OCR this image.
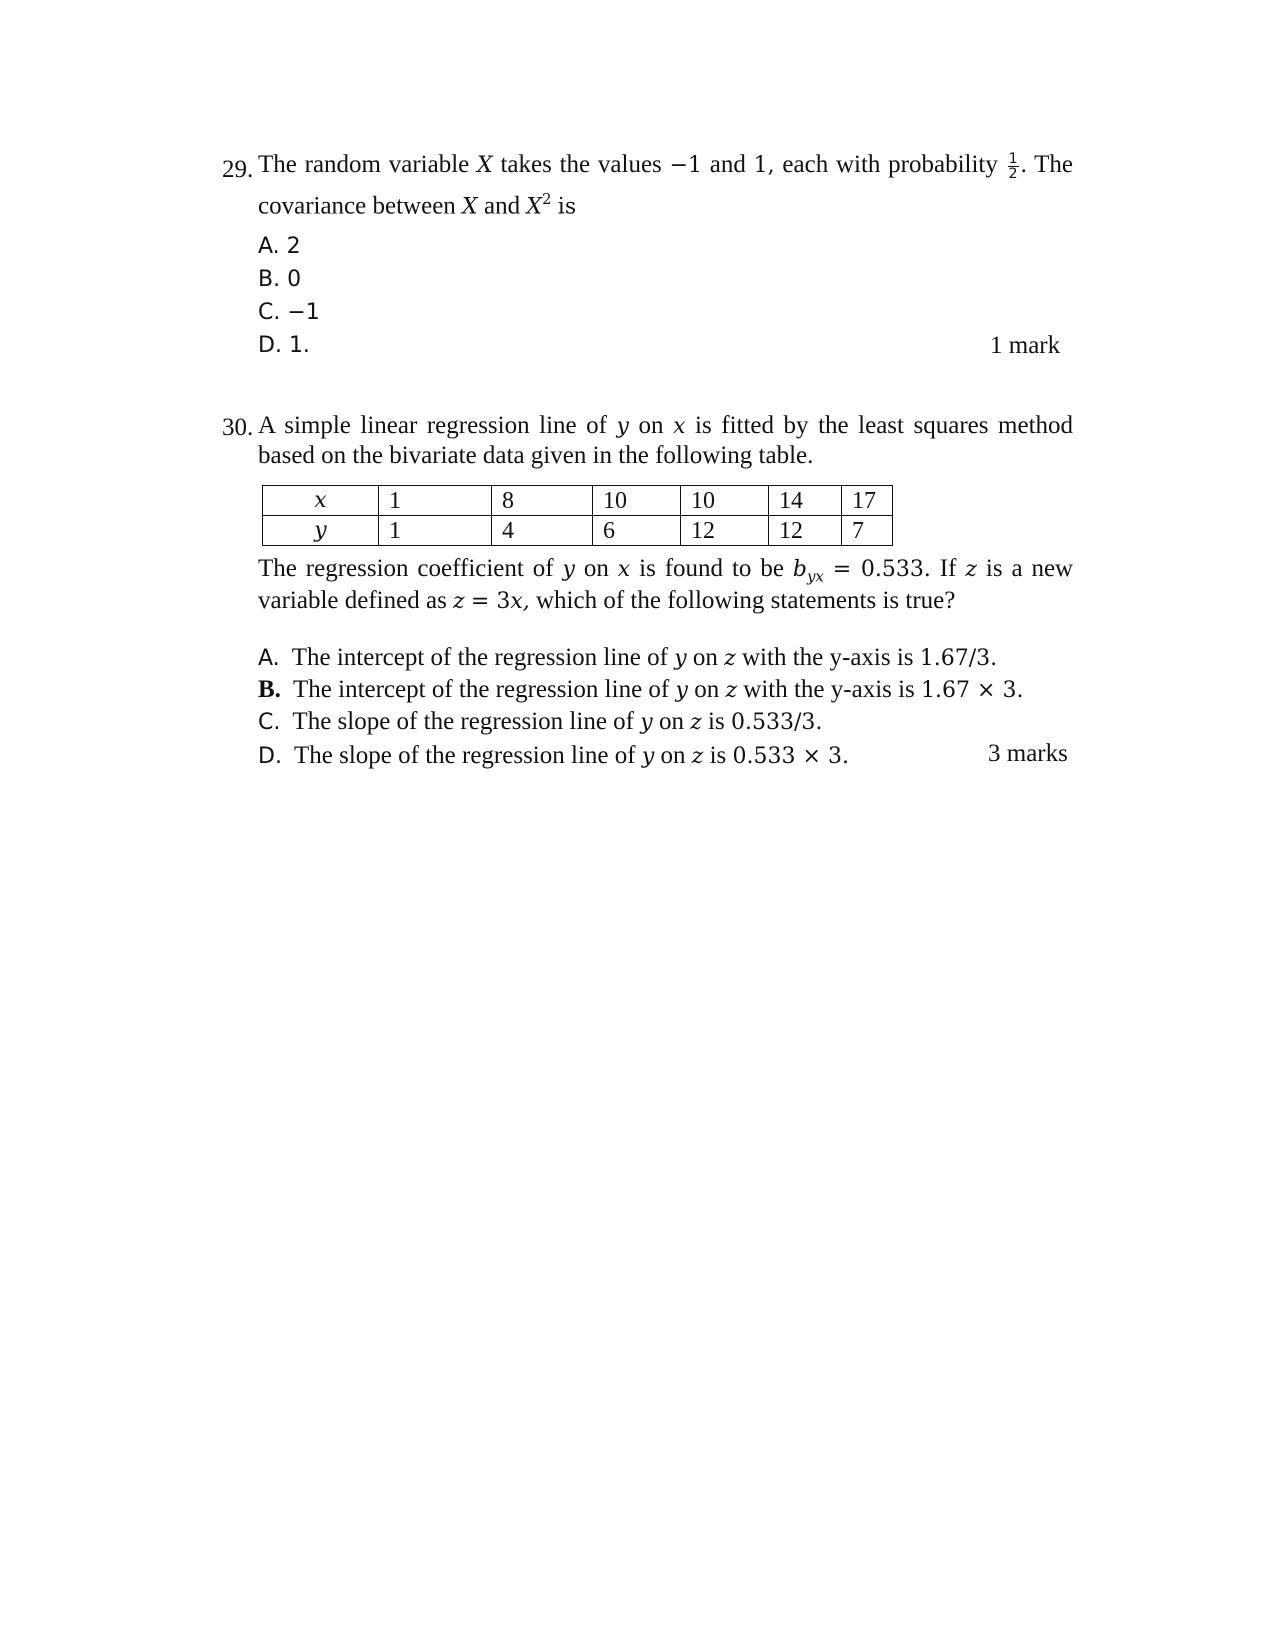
29. The random variable X takes the values −1 and 1, each with probability $\frac{1}{2}$ . The
covariance between X and $X^2$ is
A. 2
B. 0
C. −1
D. 1.	1 mark
30. A simple linear regression line of y on x is fitted by the least squares method
based on the bivariate data given in the following table.
x	1	8	10	10	14	17
y	1	4	6	12	12	7
The regression coefficient of y on x is found to be $b_{yx} = 0.533$. If z is a new
variable defined as z = 3x, which of the following statements is true?
A. The intercept of the regression line of y on z with the y-axis is 1.67/3.
B. The intercept of the regression line of y on z with the y-axis is 1.67 × 3.
C. The slope of the regression line of y on z is 0.533/3.
D. The slope of the regression line of y on z is 0.533 × 3.	3 marks
